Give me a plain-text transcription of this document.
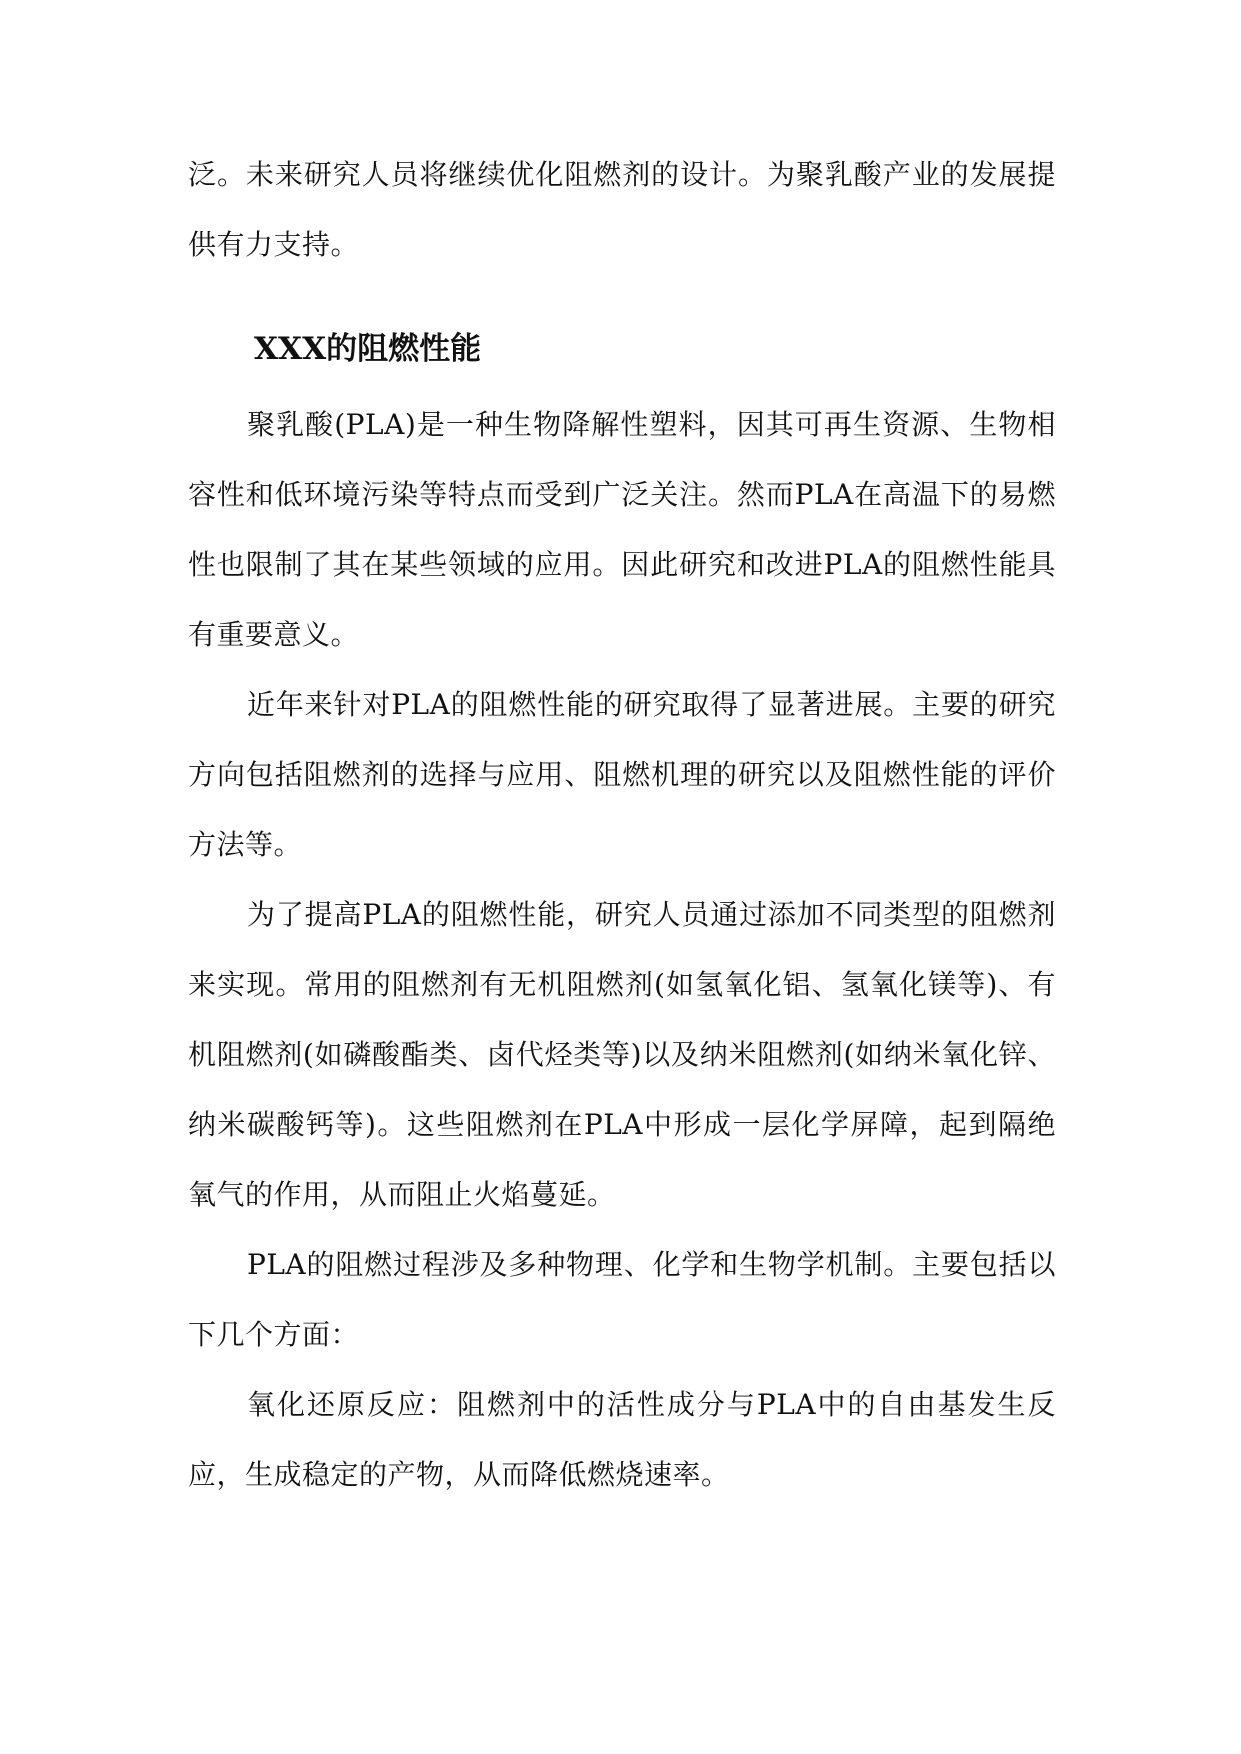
泛。未来研究人员将继续优化阻燃剂的设计。为聚乳酸产业的发展提供有力支持。

XXX的阻燃性能

聚乳酸(PLA)是一种生物降解性塑料，因其可再生资源、生物相容性和低环境污染等特点而受到广泛关注。然而PLA在高温下的易燃性也限制了其在某些领域的应用。因此研究和改进PLA的阻燃性能具有重要意义。

近年来针对PLA的阻燃性能的研究取得了显著进展。主要的研究方向包括阻燃剂的选择与应用、阻燃机理的研究以及阻燃性能的评价方法等。

为了提高PLA的阻燃性能，研究人员通过添加不同类型的阻燃剂来实现。常用的阻燃剂有无机阻燃剂(如氢氧化铝、氢氧化镁等)、有机阻燃剂(如磷酸酯类、卤代烃类等)以及纳米阻燃剂(如纳米氧化锌、纳米碳酸钙等)。这些阻燃剂在PLA中形成一层化学屏障，起到隔绝氧气的作用，从而阻止火焰蔓延。

PLA的阻燃过程涉及多种物理、化学和生物学机制。主要包括以下几个方面：

氧化还原反应：阻燃剂中的活性成分与PLA中的自由基发生反应，生成稳定的产物，从而降低燃烧速率。
